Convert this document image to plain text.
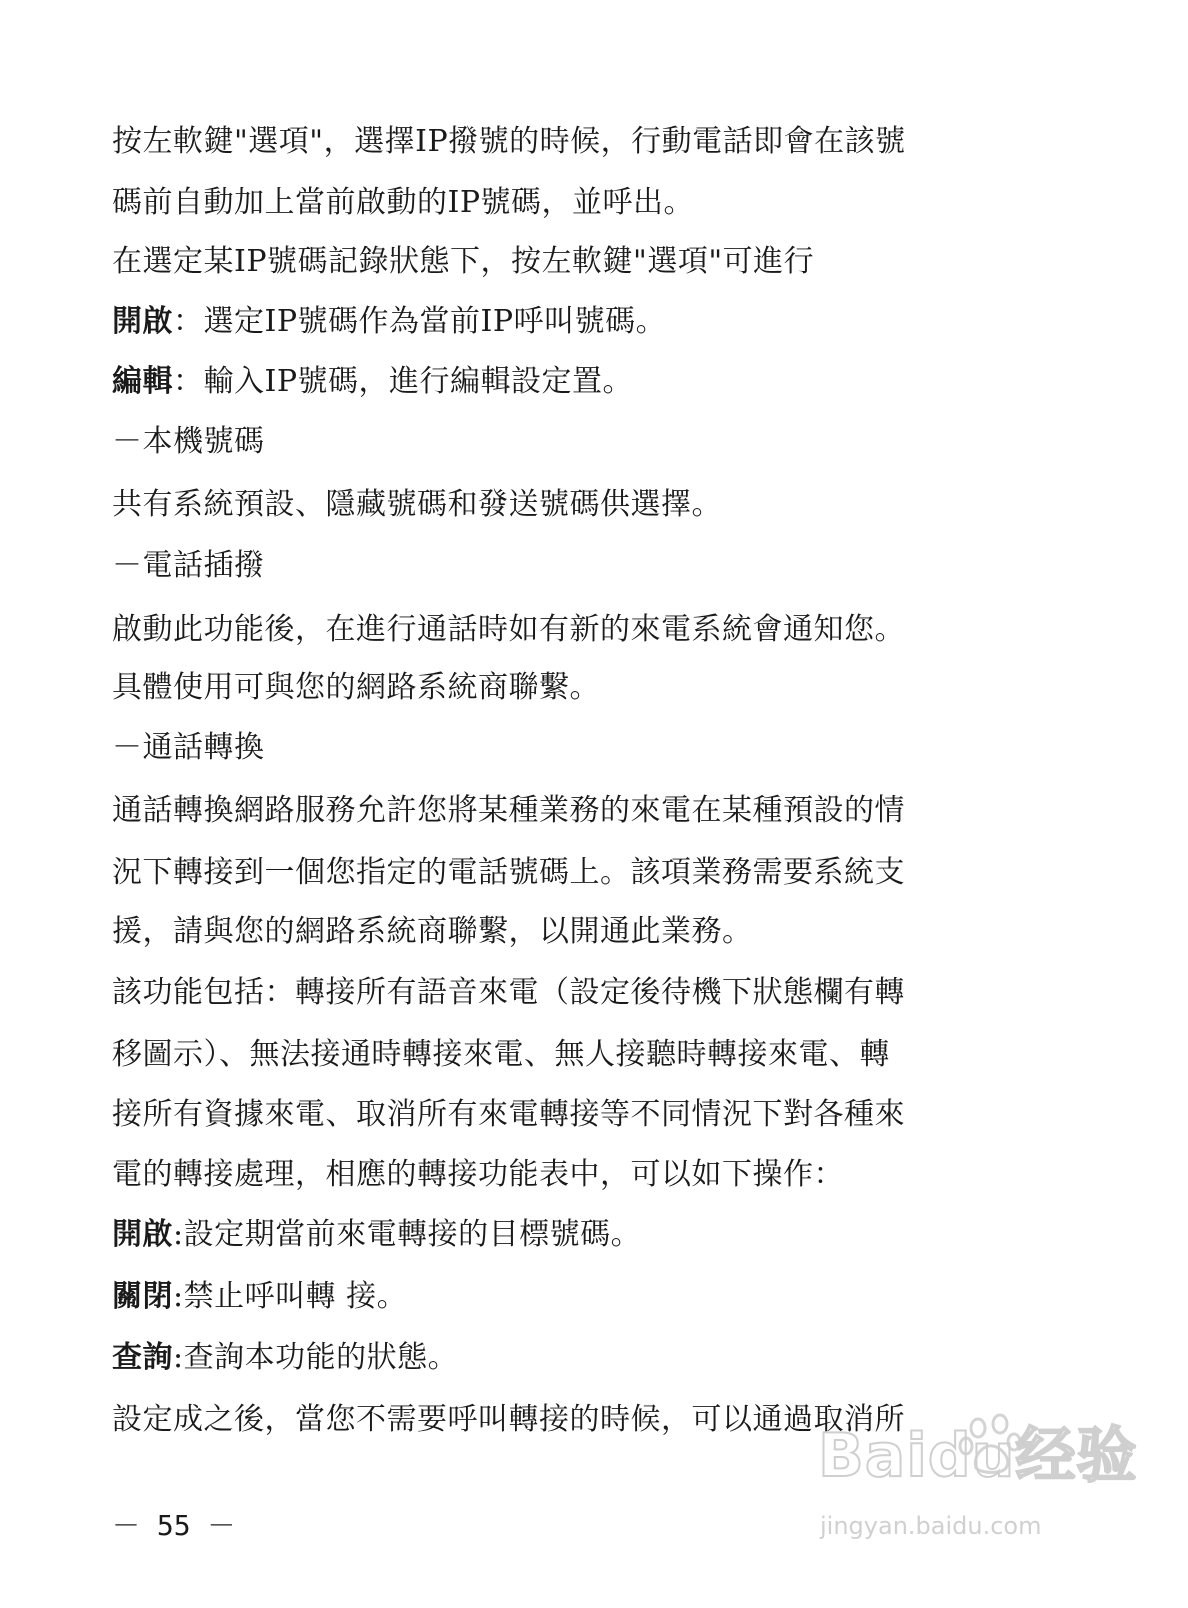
按左軟鍵"選項"，選擇IP撥號的時候，行動電話即會在該號
碼前自動加上當前啟動的IP號碼，並呼出。
在選定某IP號碼記錄狀態下，按左軟鍵"選項"可進行
開啟：選定IP號碼作為當前IP呼叫號碼。
編輯：輸入IP號碼，進行編輯設定置。
－本機號碼
共有系統預設、隱藏號碼和發送號碼供選擇。
－電話插撥
啟動此功能後，在進行通話時如有新的來電系統會通知您。
具體使用可與您的網路系統商聯繫。
－通話轉換
通話轉換網路服務允許您將某種業務的來電在某種預設的情
況下轉接到一個您指定的電話號碼上。該項業務需要系統支
援，請與您的網路系統商聯繫，以開通此業務。
該功能包括：轉接所有語音來電（設定後待機下狀態欄有轉
移圖示）、無法接通時轉接來電、無人接聽時轉接來電、轉
接所有資據來電、取消所有來電轉接等不同情況下對各種來
電的轉接處理，相應的轉接功能表中，可以如下操作：
開啟:設定期當前來電轉接的目標號碼。
關閉:禁止呼叫轉 接。
查詢:查詢本功能的狀態。
設定成之後，當您不需要呼叫轉接的時候，可以通過取消所
－ 55 －
Baidu经验
jingyan.baidu.com
